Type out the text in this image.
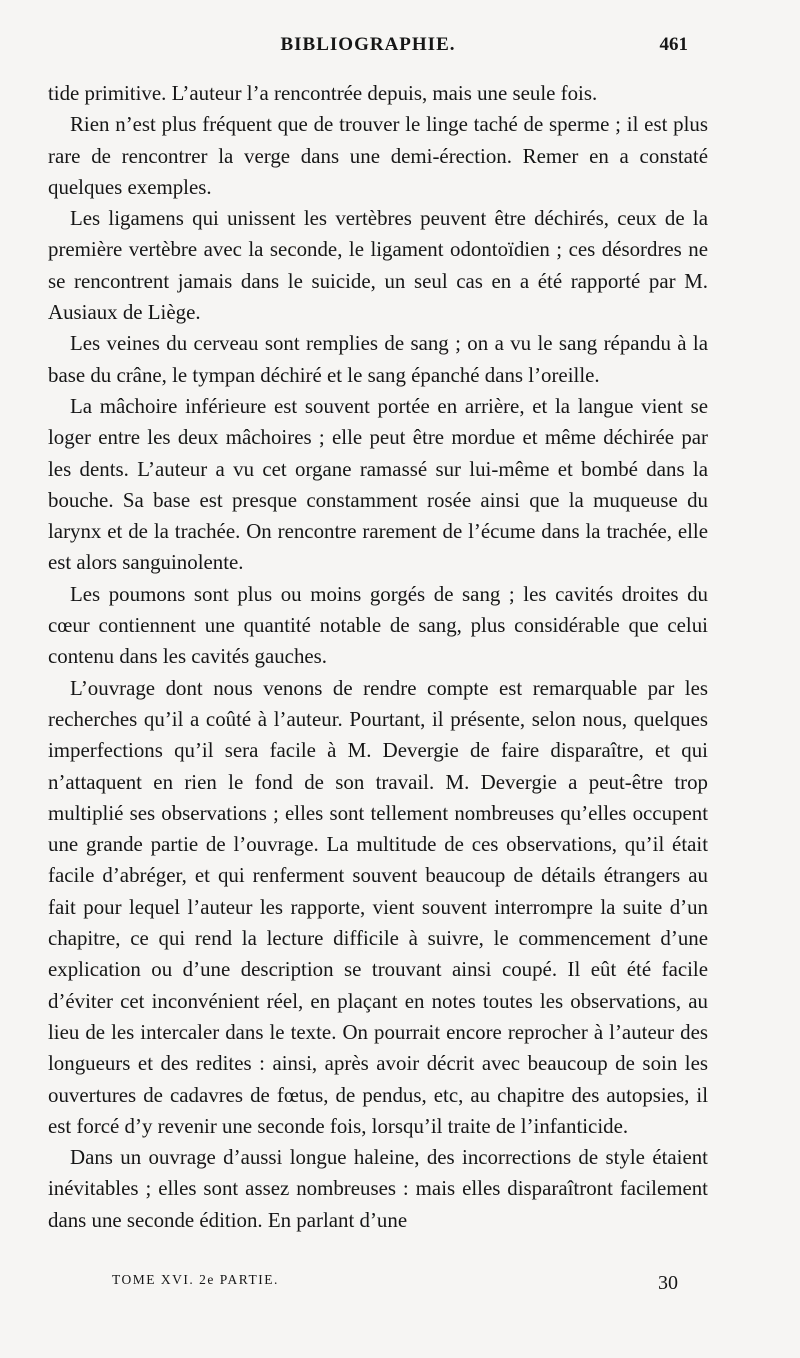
BIBLIOGRAPHIE.	461

tide primitive. L’auteur l’a rencontrée depuis, mais une seule fois.

Rien n’est plus fréquent que de trouver le linge taché de sperme ; il est plus rare de rencontrer la verge dans une demi-érection. Remer en a constaté quelques exemples.

Les ligamens qui unissent les vertèbres peuvent être déchirés, ceux de la première vertèbre avec la seconde, le ligament odontoïdien ; ces désordres ne se rencontrent jamais dans le suicide, un seul cas en a été rapporté par M. Ausiaux de Liège.

Les veines du cerveau sont remplies de sang ; on a vu le sang répandu à la base du crâne, le tympan déchiré et le sang épanché dans l’oreille.

La mâchoire inférieure est souvent portée en arrière, et la langue vient se loger entre les deux mâchoires ; elle peut être mordue et même déchirée par les dents. L’auteur a vu cet organe ramassé sur lui-même et bombé dans la bouche. Sa base est presque constamment rosée ainsi que la muqueuse du larynx et de la trachée. On rencontre rarement de l’écume dans la trachée, elle est alors sanguinolente.

Les poumons sont plus ou moins gorgés de sang ; les cavités droites du cœur contiennent une quantité notable de sang, plus considérable que celui contenu dans les cavités gauches.

L’ouvrage dont nous venons de rendre compte est remarquable par les recherches qu’il a coûté à l’auteur. Pourtant, il présente, selon nous, quelques imperfections qu’il sera facile à M. Devergie de faire disparaître, et qui n’attaquent en rien le fond de son travail. M. Devergie a peut-être trop multiplié ses observations ; elles sont tellement nombreuses qu’elles occupent une grande partie de l’ouvrage. La multitude de ces observations, qu’il était facile d’abréger, et qui renferment souvent beaucoup de détails étrangers au fait pour lequel l’auteur les rapporte, vient souvent interrompre la suite d’un chapitre, ce qui rend la lecture difficile à suivre, le commencement d’une explication ou d’une description se trouvant ainsi coupé. Il eût été facile d’éviter cet inconvénient réel, en plaçant en notes toutes les observations, au lieu de les intercaler dans le texte. On pourrait encore reprocher à l’auteur des longueurs et des redites : ainsi, après avoir décrit avec beaucoup de soin les ouvertures de cadavres de fœtus, de pendus, etc, au chapitre des autopsies, il est forcé d’y revenir une seconde fois, lorsqu’il traite de l’infanticide.

Dans un ouvrage d’aussi longue haleine, des incorrections de style étaient inévitables ; elles sont assez nombreuses : mais elles disparaîtront facilement dans une seconde édition. En parlant d’une

TOME XVI. 2e PARTIE.	30
